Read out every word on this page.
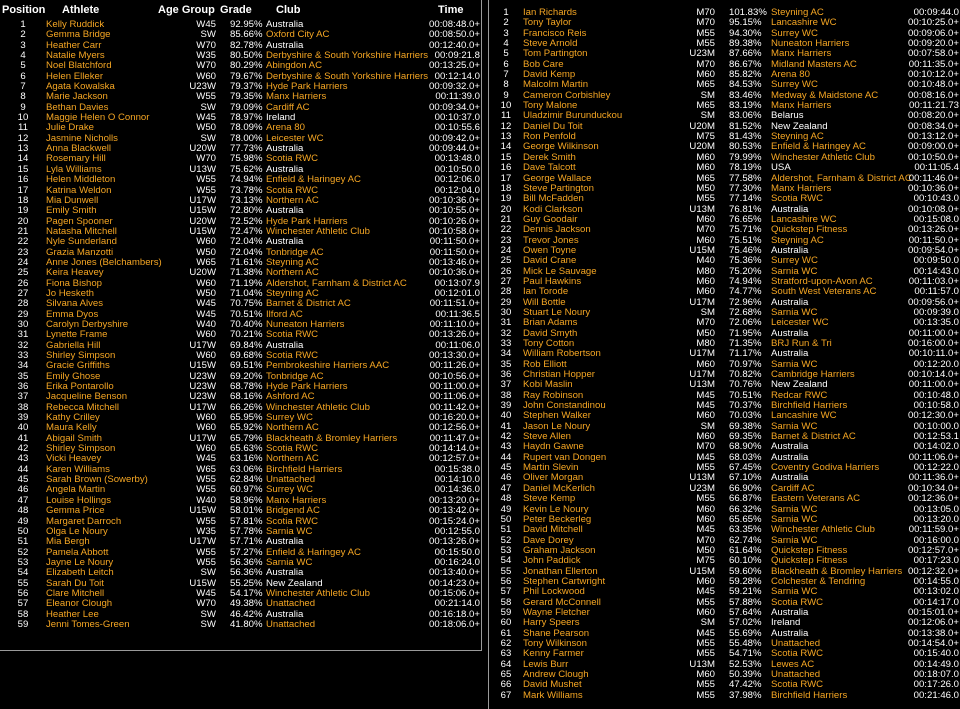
Position	Athlete	Age Group	Grade	Club	Time
1	Kelly Ruddick	W45	92.95%	Australia	00:08:48.0+
2	Gemma Bridge	SW	85.66%	Oxford City AC	00:08:50.0+
3	Heather Carr	W70	82.78%	Australia	00:12:40.0+
4	Natalie Myers	W35	80.50%	Derbyshire & South Yorkshire Harriers	00:09:21.8
5	Noel Blatchford	W70	80.29%	Abingdon AC	00:13:25.0+
6	Helen Elleker	W60	79.67%	Derbyshire & South Yorkshire Harriers	00:12:14.0
7	Agata Kowalska	U23W	79.37%	Hyde Park Harriers	00:09:32.0+
8	Marie Jackson	W55	79.35%	Manx Harriers	00:11:39.0
9	Bethan Davies	SW	79.09%	Cardiff AC	00:09:34.0+
10	Maggie Helen O Connor	W45	78.97%	Ireland	00:10:37.0
11	Julie Drake	W50	78.09%	Arena 80	00:10:55.6
12	Jasmine Nicholls	SW	78.00%	Leicester WC	00:09:42.0+
13	Anna Blackwell	U20W	77.73%	Australia	00:09:44.0+
14	Rosemary Hill	W70	75.98%	Scotia RWC	00:13:48.0
15	Lyla Williams	U13W	75.62%	Australia	00:10:50.0
16	Helen Middleton	W55	74.94%	Enfield & Haringey AC	00:12:06.0
17	Katrina Weldon	W55	73.78%	Scotia RWC	00:12:04.0
18	Mia Dunwell	U17W	73.13%	Northern AC	00:10:36.0+
19	Emily Smith	U15W	72.80%	Australia	00:10:55.0+
20	Pagen Spooner	U20W	72.52%	Hyde Park Harriers	00:10:26.0+
21	Natasha Mitchell	U15W	72.47%	Winchester Athletic Club	00:10:58.0+
22	Nyle Sunderland	W60	72.04%	Australia	00:11:50.0+
23	Grazia Manzotti	W50	72.04%	Tonbridge AC	00:11:50.0+
24	Anne Jones (Belchambers)	W65	71.61%	Steyning AC	00:13:46.0+
25	Keira Heavey	U20W	71.38%	Northern AC	00:10:36.0+
26	Fiona Bishop	W60	71.19%	Aldershot, Farnham & District AC	00:13:07.9
27	Jo Hesketh	W50	71.04%	Steyning AC	00:12:01.0
28	Silvana Alves	W45	70.75%	Barnet & District AC	00:11:51.0+
29	Emma Dyos	W45	70.51%	Ilford AC	00:11:36.5
30	Carolyn Derbyshire	W40	70.40%	Nuneaton Harriers	00:11:10.0+
31	Lynette Frame	W60	70.21%	Scotia RWC	00:13:26.0+
32	Gabriella Hill	U17W	69.84%	Australia	00:11:06.0
33	Shirley Simpson	W60	69.68%	Scotia RWC	00:13:30.0+
34	Gracie Griffiths	U15W	69.51%	Pembrokeshire Harriers AAC	00:11:26.0+
35	Emily Ghose	U23W	69.20%	Tonbridge AC	00:10:56.0+
36	Erika Pontarollo	U23W	68.78%	Hyde Park Harriers	00:11:00.0+
37	Jacqueline Benson	U23W	68.16%	Ashford AC	00:11:06.0+
38	Rebecca Mitchell	U17W	66.26%	Winchester Athletic Club	00:11:42.0+
39	Kathy Crilley	W60	65.95%	Surrey WC	00:16:20.0+
40	Maura Kelly	W60	65.92%	Northern AC	00:12:56.0+
41	Abigail Smith	U17W	65.79%	Blackheath & Bromley Harriers	00:11:47.0+
42	Shirley Simpson	W60	65.63%	Scotia RWC	00:14:14.0+
43	Vicki Heavey	W45	63.16%	Northern AC	00:12:57.0+
44	Karen Williams	W65	63.06%	Birchfield Harriers	00:15:38.0
45	Sarah Brown (Sowerby)	W55	62.84%	Unattached	00:14:10.0
46	Angela Martin	W55	60.97%	Surrey WC	00:14:36.0
47	Louise Hollings	W40	58.96%	Manx Harriers	00:13:20.0+
48	Gemma Price	U15W	58.01%	Bridgend AC	00:13:42.0+
49	Margaret Darroch	W55	57.81%	Scotia RWC	00:15:24.0+
50	Olga Le Noury	W35	57.78%	Sarnia WC	00:12:55.0
51	Mia Bergh	U17W	57.71%	Australia	00:13:26.0+
52	Pamela Abbott	W55	57.27%	Enfield & Haringey AC	00:15:50.0
53	Jayne Le Noury	W55	56.36%	Sarnia WC	00:16:24.0
54	Elizabeth Leitch	SW	56.36%	Australia	00:13:40.0+
55	Sarah Du Toit	U15W	55.25%	New Zealand	00:14:23.0+
56	Clare Mitchell	W45	54.17%	Winchester Athletic Club	00:15:06.0+
57	Eleanor Clough	W70	49.38%	Unattached	00:21:14.0
58	Heather Lee	SW	46.42%	Australia	00:16:18.0+
59	Jenni Tomes-Green	SW	41.80%	Unattached	00:18:06.0+
1	Ian Richards	M70	101.83%	Steyning AC	00:09:44.0
2	Tony Taylor	M70	95.15%	Lancashire WC	00:10:25.0+
3	Francisco Reis	M55	94.30%	Surrey WC	00:09:06.0+
4	Steve Arnold	M55	89.38%	Nuneaton Harriers	00:09:20.0+
5	Tom Partington	U23M	87.66%	Manx Harriers	00:07:58.0+
6	Bob Care	M70	86.67%	Midland Masters AC	00:11:35.0+
7	David Kemp	M60	85.82%	Arena 80	00:10:12.0+
8	Malcolm Martin	M65	84.53%	Surrey WC	00:10:48.0+
9	Cameron Corbishley	SM	83.46%	Medway & Maidstone AC	00:08:16.0+
10	Tony Malone	M65	83.19%	Manx Harriers	00:11:21.73
11	Uladzimir Burunduckou	SM	83.06%	Belarus	00:08:20.0+
12	Daniel Du Toit	U20M	81.52%	New Zealand	00:08:34.0+
13	Ron Penfold	M75	81.43%	Steyning AC	00:13:12.0+
14	George Wilkinson	U20M	80.53%	Enfield & Haringey AC	00:09:00.0+
15	Derek Smith	M60	79.99%	Winchester Athletic Club	00:10:50.0+
16	Dave Talcott	M60	78.19%	USA	00:11:05.4
17	George Wallace	M65	77.58%	Aldershot, Farnham & District AC	00:11:46.0+
18	Steve Partington	M50	77.30%	Manx Harriers	00:10:36.0+
19	Bill McFadden	M55	77.14%	Scotia RWC	00:10:43.0
20	Kodi Clarkson	U13M	76.81%	Australia	00:10:08.0+
21	Guy Goodair	M60	76.65%	Lancashire WC	00:15:08.0
22	Dennis Jackson	M70	75.71%	Quickstep Fitness	00:13:26.0+
23	Trevor Jones	M60	75.51%	Steyning AC	00:11:50.0+
24	Owen Toyne	U15M	75.46%	Australia	00:09:54.0+
25	David Crane	M40	75.36%	Surrey WC	00:09:50.0
26	Mick Le Sauvage	M80	75.20%	Sarnia WC	00:14:43.0
27	Paul Hawkins	M60	74.94%	Stratford-upon-Avon AC	00:11:03.0+
28	Ian Torode	M60	74.77%	South West Veterans AC	00:11:57.0
29	Will Bottle	U17M	72.96%	Australia	00:09:56.0+
30	Stuart Le Noury	SM	72.68%	Sarnia WC	00:09:39.0
31	Brian Adams	M70	72.06%	Leicester WC	00:13:35.0
32	David Smyth	M50	71.95%	Australia	00:11:00.0+
33	Tony Cotton	M80	71.35%	BRJ Run & Tri	00:16:00.0+
34	William Robertson	U17M	71.17%	Australia	00:10:11.0+
35	Rob Elliott	M60	70.97%	Sarnia WC	00:12:20.0
36	Christian Hopper	U17M	70.82%	Cambridge Harriers	00:10:14.0+
37	Kobi Maslin	U13M	70.76%	New Zealand	00:11:00.0+
38	Ray Robinson	M45	70.51%	Redcar RWC	00:10:48.0
39	John Constandinou	M45	70.37%	Birchfield Harriers	00:10:58.0
40	Stephen Walker	M60	70.03%	Lancashire WC	00:12:30.0+
41	Jason Le Noury	SM	69.38%	Sarnia WC	00:10:00.0
42	Steve Allen	M60	69.35%	Barnet & District AC	00:12:53.1
43	Haydn Gawne	M70	68.90%	Australia	00:14:02.0
44	Rupert van Dongen	M45	68.03%	Australia	00:11:06.0+
45	Martin Slevin	M55	67.45%	Coventry Godiva Harriers	00:12:22.0
46	Oliver Morgan	U13M	67.10%	Australia	00:11:36.0+
47	Daniel McKerlich	U23M	66.90%	Cardiff AC	00:10:34.0+
48	Steve Kemp	M55	66.87%	Eastern Veterans AC	00:12:36.0+
49	Kevin Le Noury	M60	66.32%	Sarnia WC	00:13:05.0
50	Peter Beckerleg	M60	65.65%	Sarnia WC	00:13:20.0
51	David Mitchell	M45	63.35%	Winchester Athletic Club	00:11:59.0+
52	Dave Dorey	M70	62.74%	Sarnia WC	00:16:00.0
53	Graham Jackson	M50	61.64%	Quickstep Fitness	00:12:57.0+
54	John Paddick	M75	60.10%	Quickstep Fitness	00:17:23.0
55	Jonathan Ellerton	U15M	59.60%	Blackheath & Bromley Harriers	00:12:32.0+
56	Stephen Cartwright	M60	59.28%	Colchester & Tendring	00:14:55.0
57	Phil Lockwood	M45	59.21%	Sarnia WC	00:13:02.0
58	Gerard McConnell	M55	57.88%	Scotia RWC	00:14:17.0
59	Wayne Fletcher	M60	57.64%	Australia	00:15:01.0+
60	Harry Speers	SM	57.02%	Ireland	00:12:06.0+
61	Shane Pearson	M45	55.69%	Australia	00:13:38.0+
62	Tony Wilkinson	M55	55.48%	Unattached	00:14:54.0+
63	Kenny Farmer	M55	54.71%	Scotia RWC	00:15:40.0
64	Lewis Burr	U13M	52.53%	Lewes AC	00:14:49.0
65	Andrew Clough	M60	50.39%	Unattached	00:18:07.0
66	David Mushet	M55	47.42%	Scotia RWC	00:17:26.0
67	Mark Williams	M55	37.98%	Birchfield Harriers	00:21:46.0
